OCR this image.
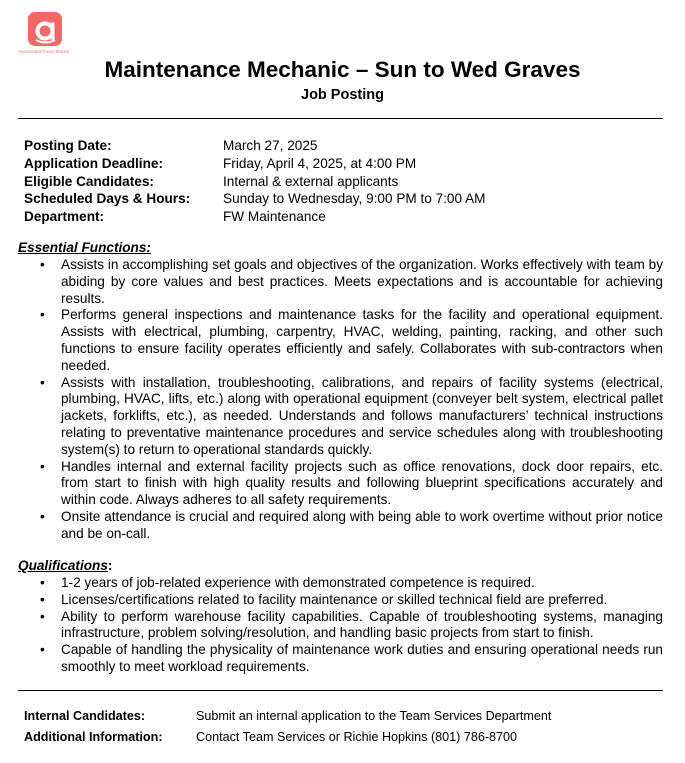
Associated Food Stores
Maintenance Mechanic – Sun to Wed Graves
Job Posting
Posting Date:	March 27, 2025
Application Deadline:	Friday, April 4, 2025, at 4:00 PM
Eligible Candidates:	Internal & external applicants
Scheduled Days & Hours:	Sunday to Wednesday, 9:00 PM to 7:00 AM
Department:	FW Maintenance
Essential Functions:
• Assists in accomplishing set goals and objectives of the organization. Works effectively with team by abiding by core values and best practices. Meets expectations and is accountable for achieving results.
• Performs general inspections and maintenance tasks for the facility and operational equipment. Assists with electrical, plumbing, carpentry, HVAC, welding, painting, racking, and other such functions to ensure facility operates efficiently and safely. Collaborates with sub-contractors when needed.
• Assists with installation, troubleshooting, calibrations, and repairs of facility systems (electrical, plumbing, HVAC, lifts, etc.) along with operational equipment (conveyer belt system, electrical pallet jackets, forklifts, etc.), as needed. Understands and follows manufacturers’ technical instructions relating to preventative maintenance procedures and service schedules along with troubleshooting system(s) to return to operational standards quickly.
• Handles internal and external facility projects such as office renovations, dock door repairs, etc. from start to finish with high quality results and following blueprint specifications accurately and within code. Always adheres to all safety requirements.
• Onsite attendance is crucial and required along with being able to work overtime without prior notice and be on-call.
Qualifications:
• 1-2 years of job-related experience with demonstrated competence is required.
• Licenses/certifications related to facility maintenance or skilled technical field are preferred.
• Ability to perform warehouse facility capabilities. Capable of troubleshooting systems, managing infrastructure, problem solving/resolution, and handling basic projects from start to finish.
• Capable of handling the physicality of maintenance work duties and ensuring operational needs run smoothly to meet workload requirements.
Internal Candidates:	Submit an internal application to the Team Services Department
Additional Information:	Contact Team Services or Richie Hopkins (801) 786-8700
